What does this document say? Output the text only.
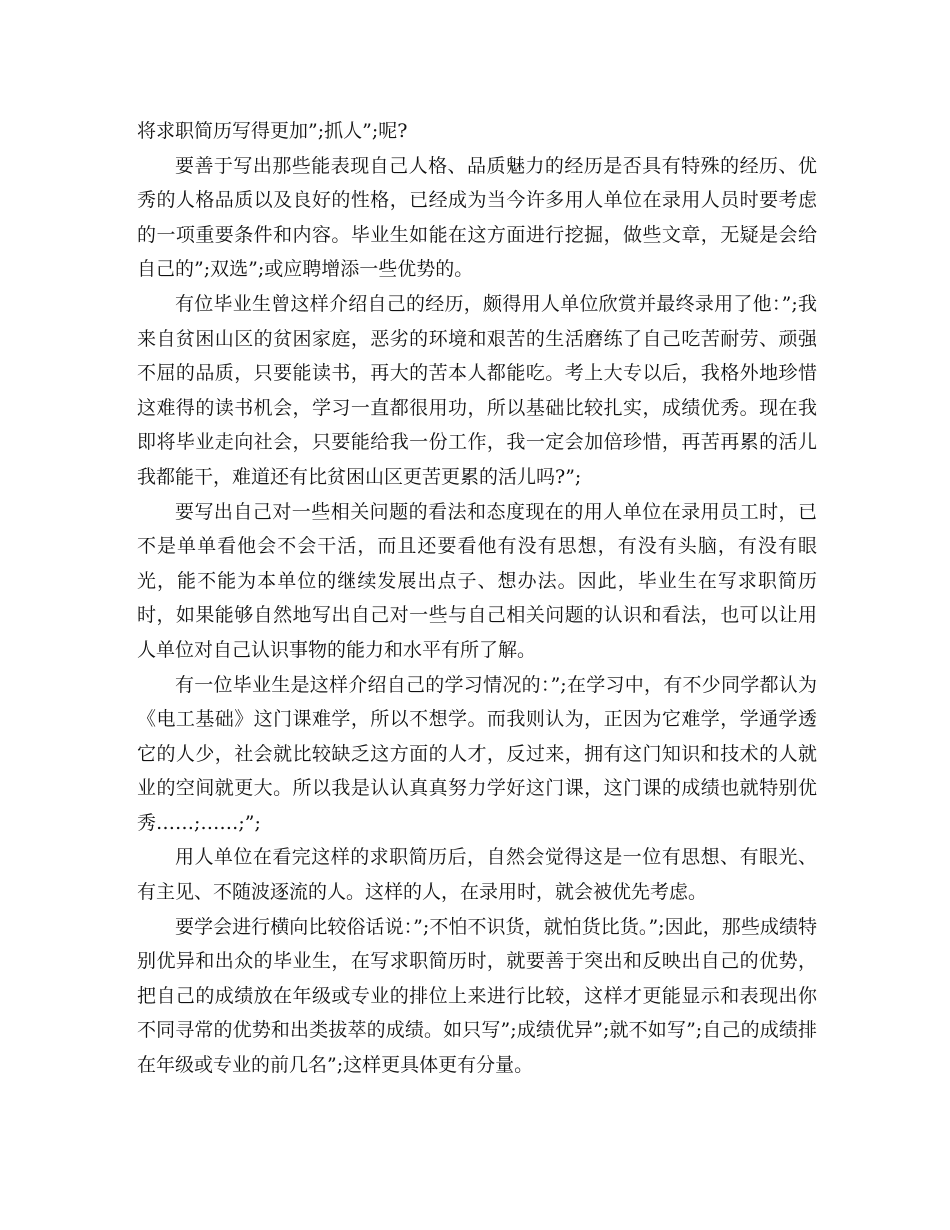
将求职简历写得更加”;抓人”;呢?

要善于写出那些能表现自己人格、品质魅力的经历是否具有特殊的经历、优秀的人格品质以及良好的性格，已经成为当今许多用人单位在录用人员时要考虑的一项重要条件和内容。毕业生如能在这方面进行挖掘，做些文章，无疑是会给自己的”;双选”;或应聘增添一些优势的。

有位毕业生曾这样介绍自己的经历，颇得用人单位欣赏并最终录用了他：”;我来自贫困山区的贫困家庭，恶劣的环境和艰苦的生活磨练了自己吃苦耐劳、顽强不屈的品质，只要能读书，再大的苦本人都能吃。考上大专以后，我格外地珍惜这难得的读书机会，学习一直都很用功，所以基础比较扎实，成绩优秀。现在我即将毕业走向社会，只要能给我一份工作，我一定会加倍珍惜，再苦再累的活儿我都能干，难道还有比贫困山区更苦更累的活儿吗?”;

要写出自己对一些相关问题的看法和态度现在的用人单位在录用员工时，已不是单单看他会不会干活，而且还要看他有没有思想，有没有头脑，有没有眼光，能不能为本单位的继续发展出点子、想办法。因此，毕业生在写求职简历时，如果能够自然地写出自己对一些与自己相关问题的认识和看法，也可以让用人单位对自己认识事物的能力和水平有所了解。

有一位毕业生是这样介绍自己的学习情况的：”;在学习中，有不少同学都认为《电工基础》这门课难学，所以不想学。而我则认为，正因为它难学，学通学透它的人少，社会就比较缺乏这方面的人才，反过来，拥有这门知识和技术的人就业的空间就更大。所以我是认认真真努力学好这门课，这门课的成绩也就特别优秀……;……;”;

用人单位在看完这样的求职简历后，自然会觉得这是一位有思想、有眼光、有主见、不随波逐流的人。这样的人，在录用时，就会被优先考虑。

要学会进行横向比较俗话说：”;不怕不识货，就怕货比货。”;因此，那些成绩特别优异和出众的毕业生，在写求职简历时，就要善于突出和反映出自己的优势，把自己的成绩放在年级或专业的排位上来进行比较，这样才更能显示和表现出你不同寻常的优势和出类拔萃的成绩。如只写”;成绩优异”;就不如写”;自己的成绩排在年级或专业的前几名”;这样更具体更有分量。
